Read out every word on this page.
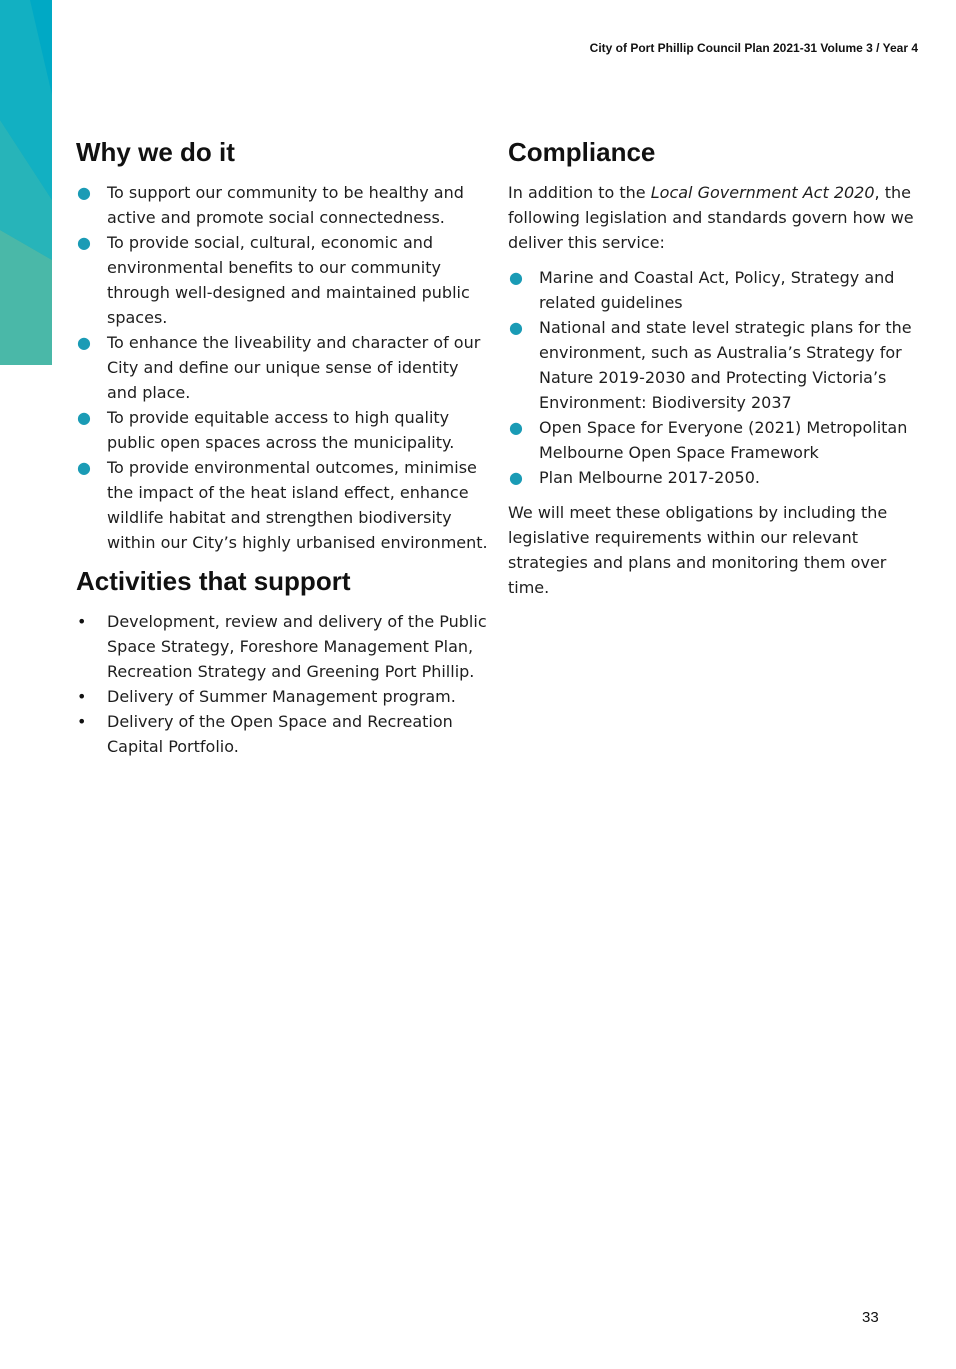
City of Port Phillip Council Plan 2021-31 Volume 3 / Year 4
Why we do it
● To support our community to be healthy and active and promote social connectedness.
● To provide social, cultural, economic and environmental benefits to our community through well-designed and maintained public spaces.
● To enhance the liveability and character of our City and define our unique sense of identity and place.
● To provide equitable access to high quality public open spaces across the municipality.
● To provide environmental outcomes, minimise the impact of the heat island effect, enhance wildlife habitat and strengthen biodiversity within our City’s highly urbanised environment.
Activities that support
• Development, review and delivery of the Public Space Strategy, Foreshore Management Plan, Recreation Strategy and Greening Port Phillip.
• Delivery of Summer Management program.
• Delivery of the Open Space and Recreation Capital Portfolio.
Compliance

In addition to the Local Government Act 2020, the following legislation and standards govern how we deliver this service:

● Marine and Coastal Act, Policy, Strategy and related guidelines
● National and state level strategic plans for the environment, such as Australia’s Strategy for Nature 2019-2030 and Protecting Victoria’s Environment: Biodiversity 2037
● Open Space for Everyone (2021) Metropolitan Melbourne Open Space Framework
● Plan Melbourne 2017-2050.

We will meet these obligations by including the legislative requirements within our relevant strategies and plans and monitoring them over time.

33
